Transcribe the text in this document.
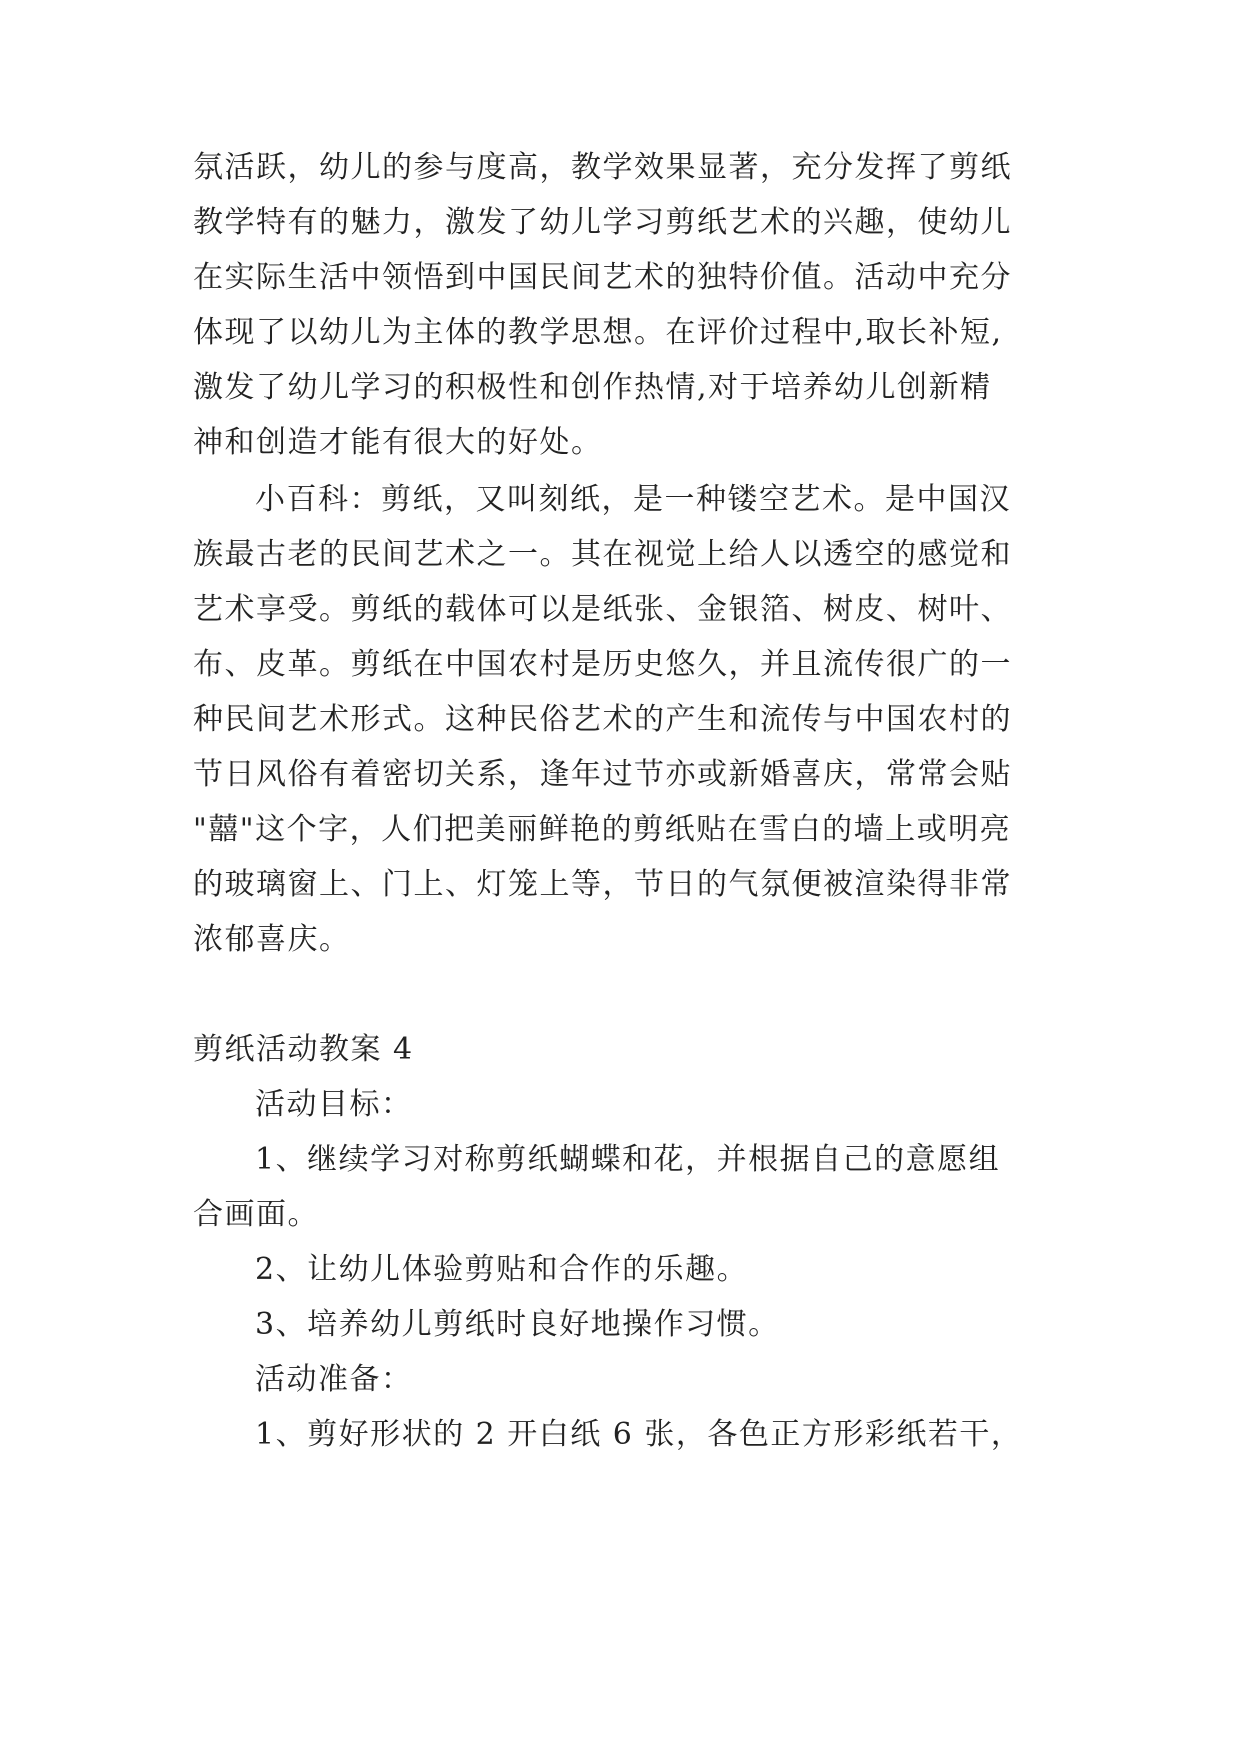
氛活跃，幼儿的参与度高，教学效果显著，充分发挥了剪纸
教学特有的魅力，激发了幼儿学习剪纸艺术的兴趣，使幼儿
在实际生活中领悟到中国民间艺术的独特价值。活动中充分
体现了以幼儿为主体的教学思想。在评价过程中,取长补短,
激发了幼儿学习的积极性和创作热情,对于培养幼儿创新精
神和创造才能有很大的好处。
小百科：剪纸，又叫刻纸，是一种镂空艺术。是中国汉
族最古老的民间艺术之一。其在视觉上给人以透空的感觉和
艺术享受。剪纸的载体可以是纸张、金银箔、树皮、树叶、
布、皮革。剪纸在中国农村是历史悠久，并且流传很广的一
种民间艺术形式。这种民俗艺术的产生和流传与中国农村的
节日风俗有着密切关系，逢年过节亦或新婚喜庆，常常会贴
"囍"这个字，人们把美丽鲜艳的剪纸贴在雪白的墙上或明亮
的玻璃窗上、门上、灯笼上等，节日的气氛便被渲染得非常
浓郁喜庆。
剪纸活动教案 4
活动目标：
1、继续学习对称剪纸蝴蝶和花，并根据自己的意愿组
合画面。
2、让幼儿体验剪贴和合作的乐趣。
3、培养幼儿剪纸时良好地操作习惯。
活动准备：
1、剪好形状的 2 开白纸 6 张，各色正方形彩纸若干，
